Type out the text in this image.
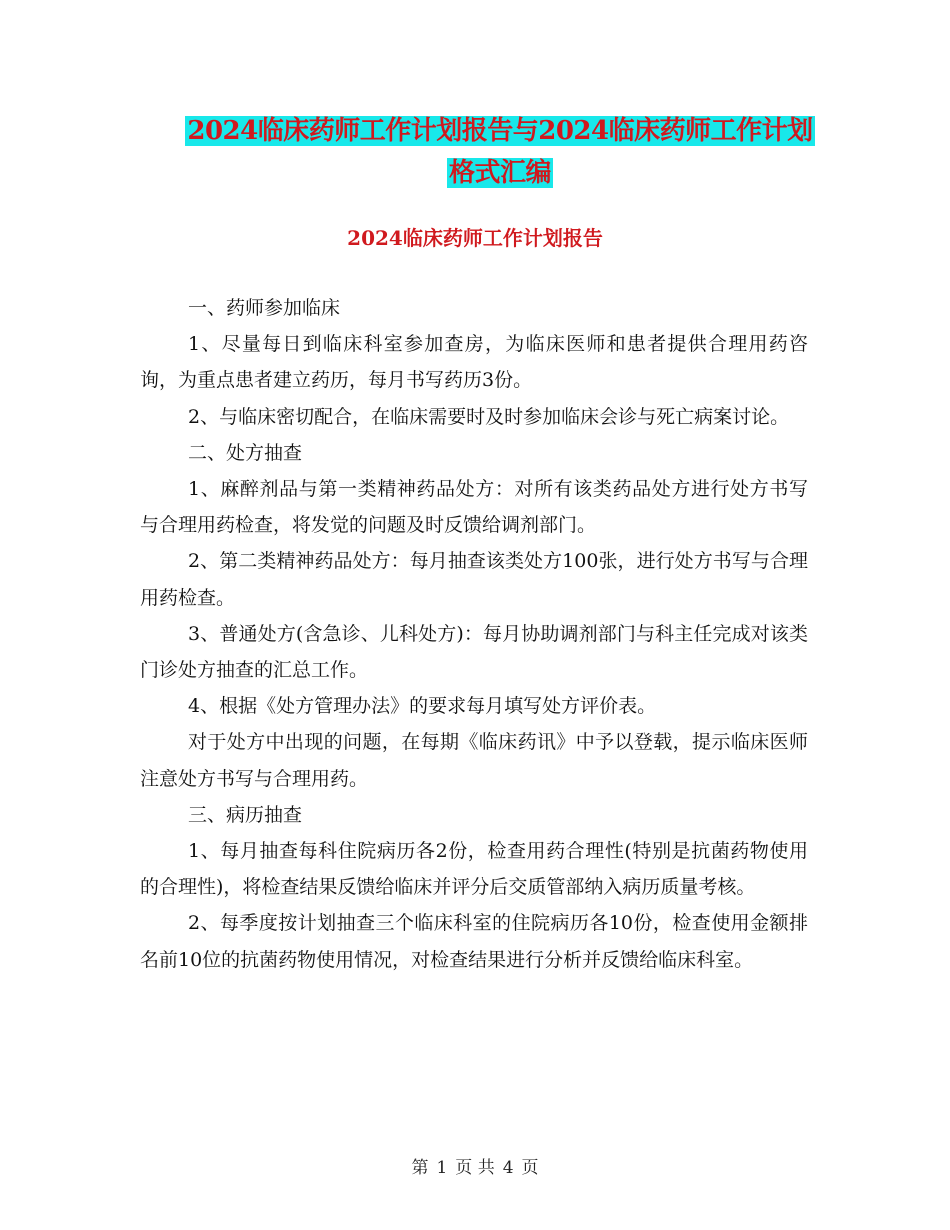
2024临床药师工作计划报告与2024临床药师工作计划
格式汇编
2024临床药师工作计划报告

一、药师参加临床

1、尽量每日到临床科室参加查房，为临床医师和患者提供合理用药咨询，为重点患者建立药历，每月书写药历3份。

2、与临床密切配合，在临床需要时及时参加临床会诊与死亡病案讨论。

二、处方抽查

1、麻醉剂品与第一类精神药品处方：对所有该类药品处方进行处方书写与合理用药检查，将发觉的问题及时反馈给调剂部门。

2、第二类精神药品处方：每月抽查该类处方100张，进行处方书写与合理用药检查。

3、普通处方(含急诊、儿科处方)：每月协助调剂部门与科主任完成对该类门诊处方抽查的汇总工作。

4、根据《处方管理办法》的要求每月填写处方评价表。

对于处方中出现的问题，在每期《临床药讯》中予以登载，提示临床医师注意处方书写与合理用药。

三、病历抽查

1、每月抽查每科住院病历各2份，检查用药合理性(特别是抗菌药物使用的合理性)，将检查结果反馈给临床并评分后交质管部纳入病历质量考核。

2、每季度按计划抽查三个临床科室的住院病历各10份，检查使用金额排名前10位的抗菌药物使用情况，对检查结果进行分析并反馈给临床科室。

第 1 页 共 4 页
